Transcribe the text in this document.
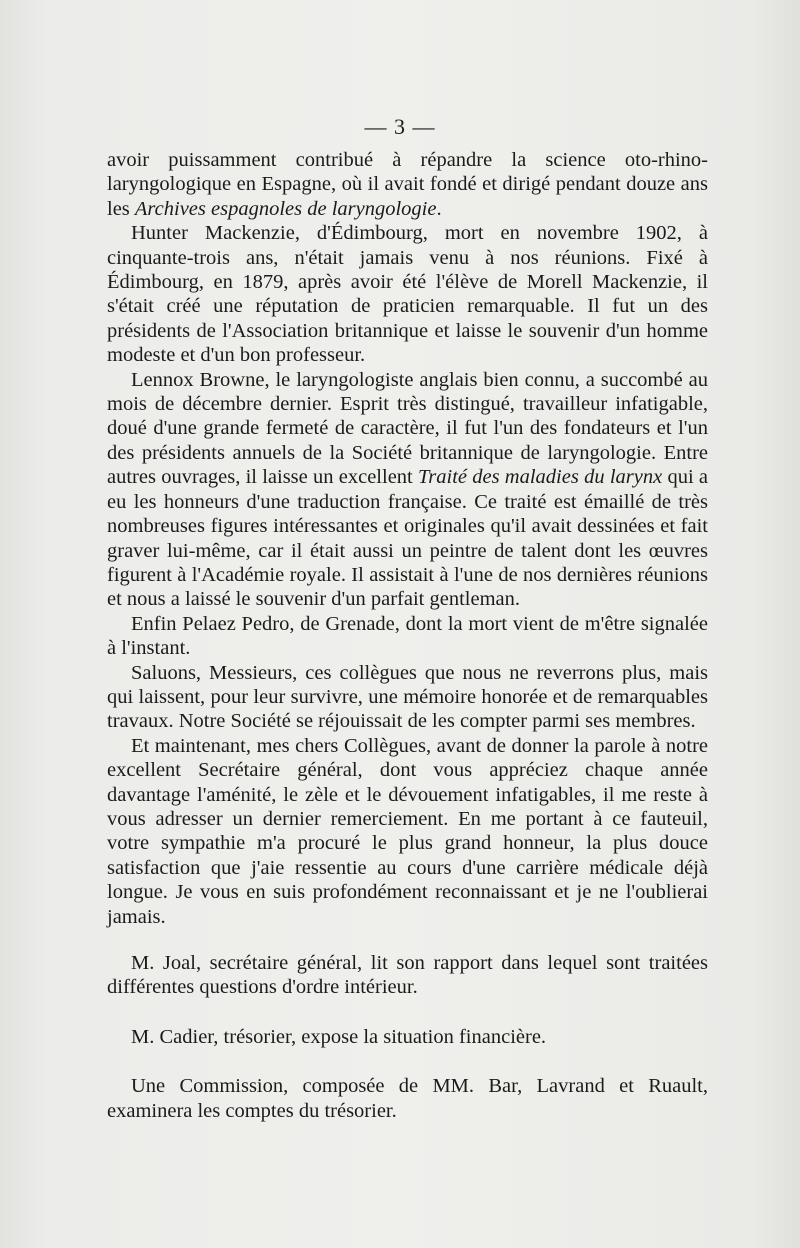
— 3 —

avoir puissamment contribué à répandre la science oto-rhino-laryngologique en Espagne, où il avait fondé et dirigé pendant douze ans les Archives espagnoles de laryngologie.

Hunter Mackenzie, d'Édimbourg, mort en novembre 1902, à cinquante-trois ans, n'était jamais venu à nos réunions. Fixé à Édimbourg, en 1879, après avoir été l'élève de Morell Mackenzie, il s'était créé une réputation de praticien remarquable. Il fut un des présidents de l'Association britannique et laisse le souvenir d'un homme modeste et d'un bon professeur.

Lennox Browne, le laryngologiste anglais bien connu, a succombé au mois de décembre dernier. Esprit très distingué, travailleur infatigable, doué d'une grande fermeté de caractère, il fut l'un des fondateurs et l'un des présidents annuels de la Société britannique de laryngologie. Entre autres ouvrages, il laisse un excellent Traité des maladies du larynx qui a eu les honneurs d'une traduction française. Ce traité est émaillé de très nombreuses figures intéressantes et originales qu'il avait dessinées et fait graver lui-même, car il était aussi un peintre de talent dont les œuvres figurent à l'Académie royale. Il assistait à l'une de nos dernières réunions et nous a laissé le souvenir d'un parfait gentleman.

Enfin Pelaez Pedro, de Grenade, dont la mort vient de m'être signalée à l'instant.

Saluons, Messieurs, ces collègues que nous ne reverrons plus, mais qui laissent, pour leur survivre, une mémoire honorée et de remarquables travaux. Notre Société se réjouissait de les compter parmi ses membres.

Et maintenant, mes chers Collègues, avant de donner la parole à notre excellent Secrétaire général, dont vous appréciez chaque année davantage l'aménité, le zèle et le dévouement infatigables, il me reste à vous adresser un dernier remerciement. En me portant à ce fauteuil, votre sympathie m'a procuré le plus grand honneur, la plus douce satisfaction que j'aie ressentie au cours d'une carrière médicale déjà longue. Je vous en suis profondément reconnaissant et je ne l'oublierai jamais.

M. Joal, secrétaire général, lit son rapport dans lequel sont traitées différentes questions d'ordre intérieur.

M. Cadier, trésorier, expose la situation financière.

Une Commission, composée de MM. Bar, Lavrand et Ruault, examinera les comptes du trésorier.
